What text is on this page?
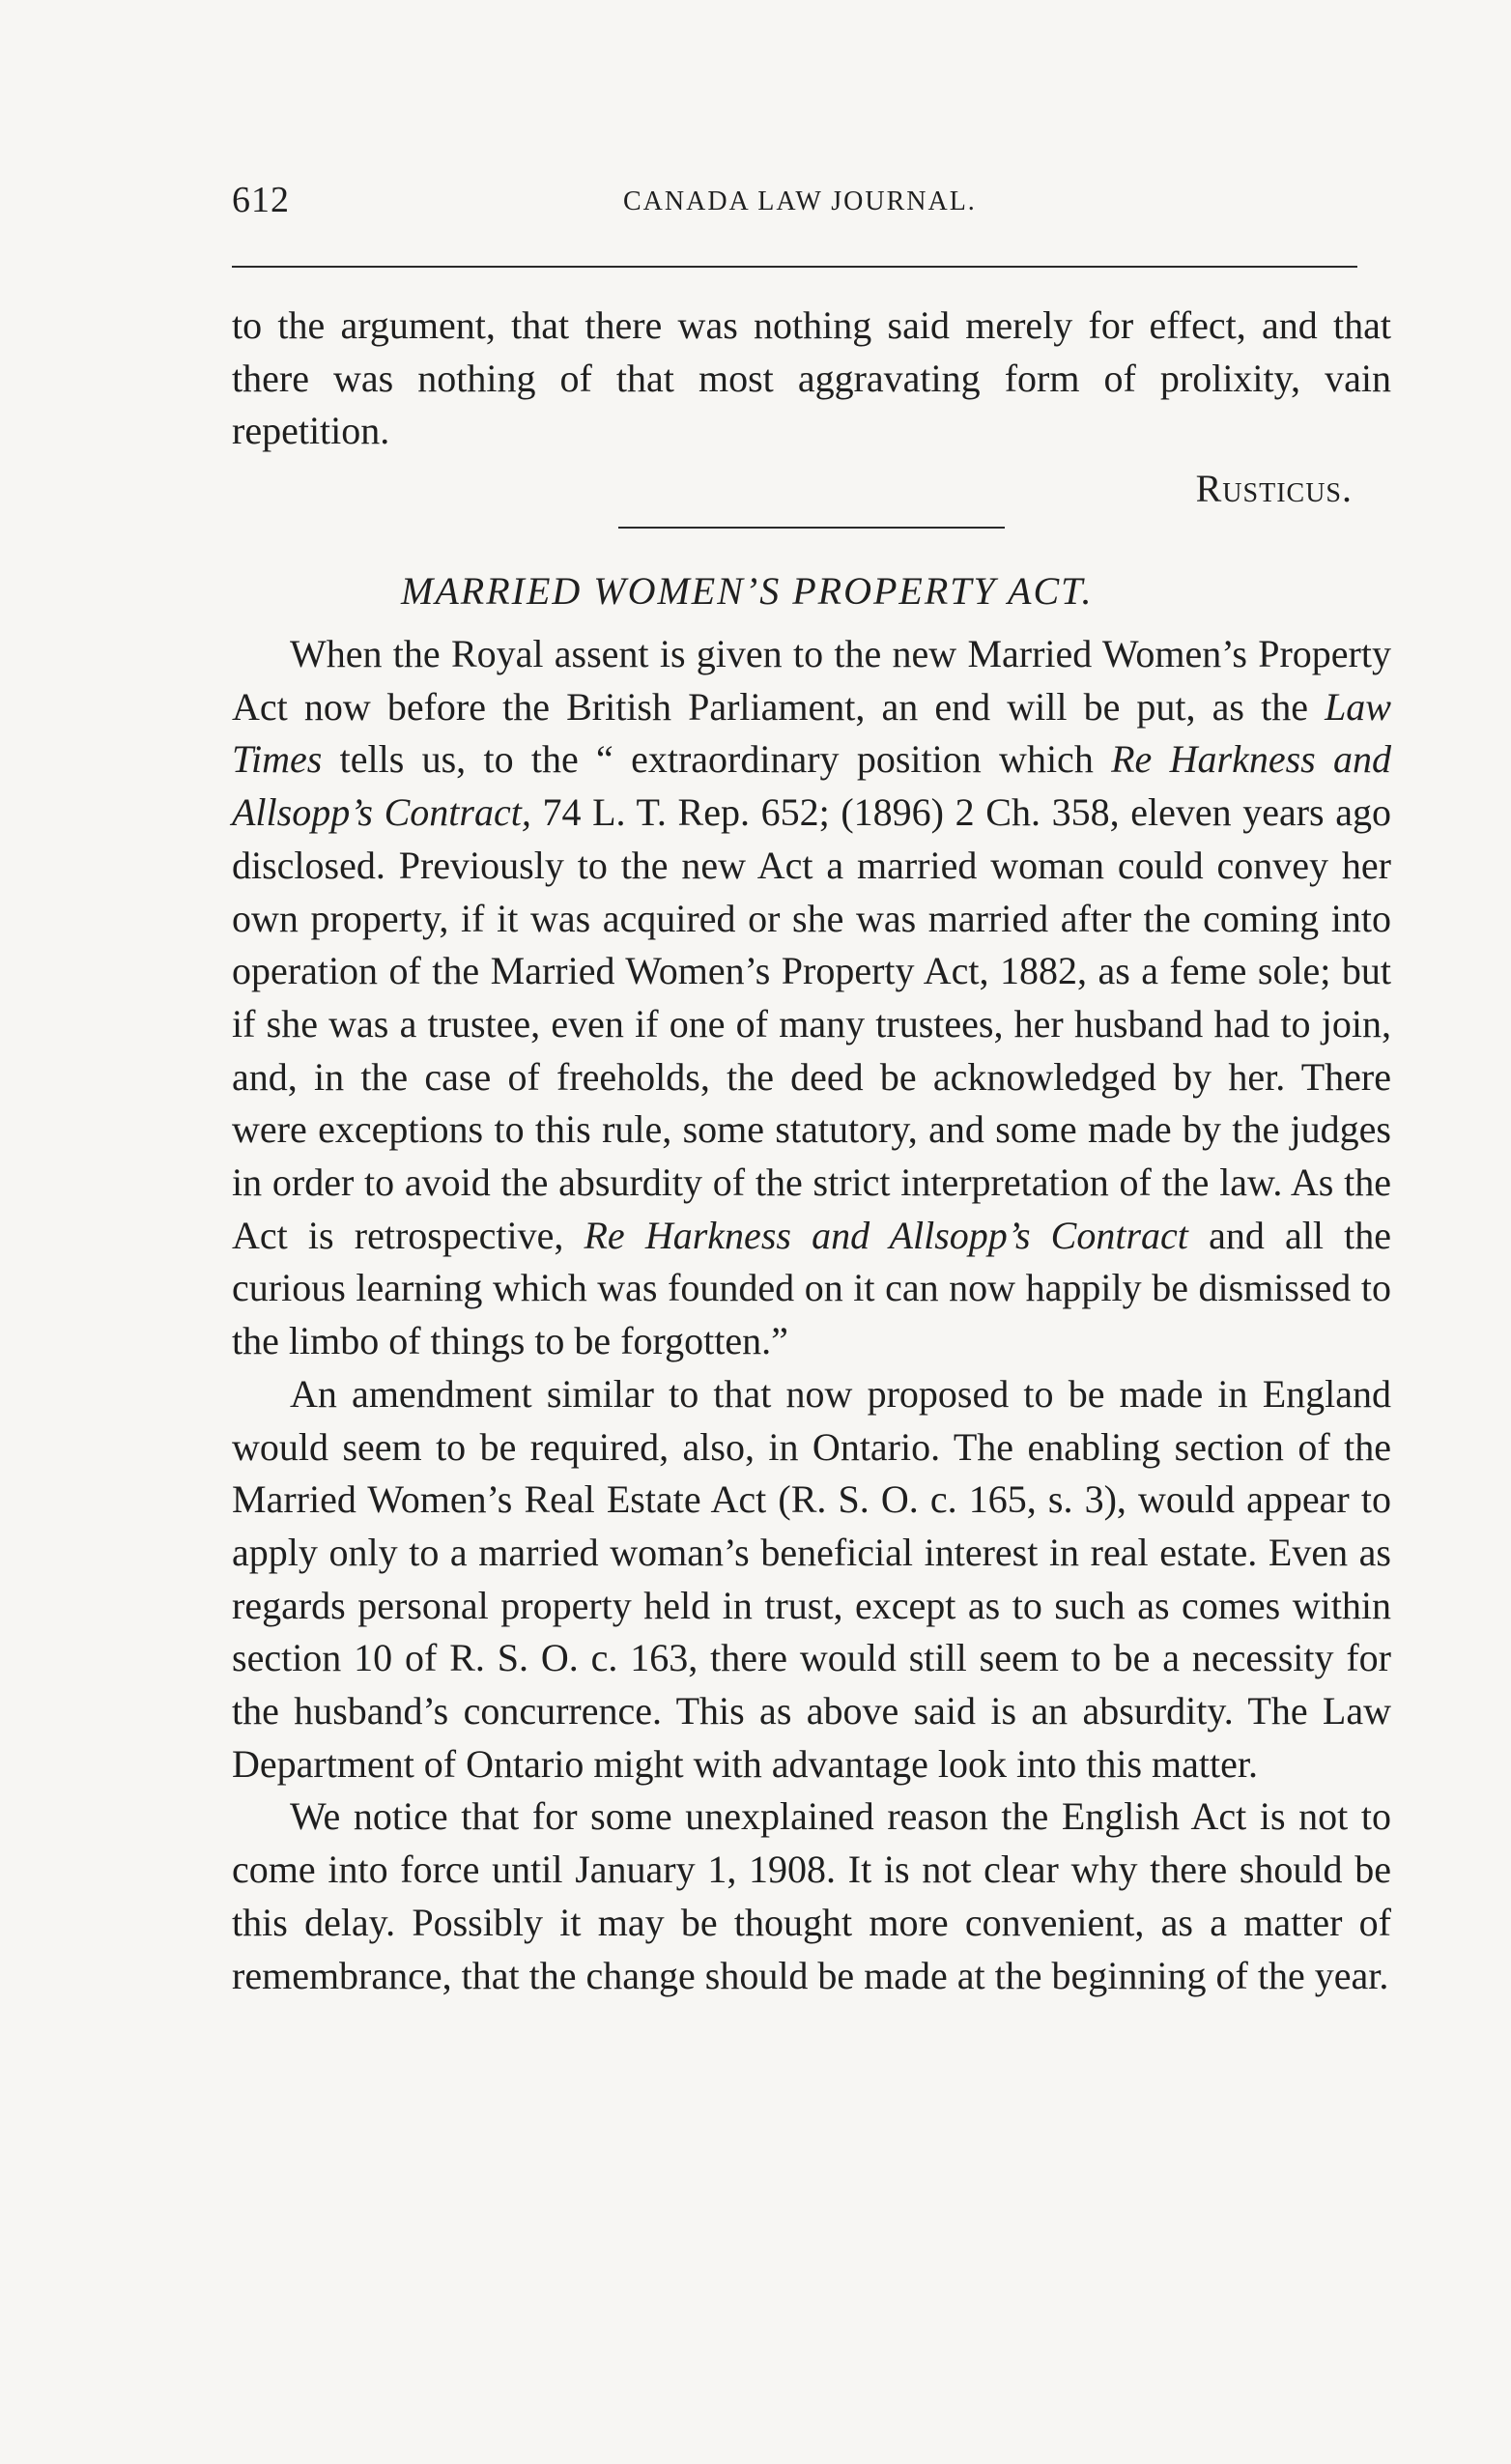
612	CANADA LAW JOURNAL.

to the argument, that there was nothing said merely for effect, and that there was nothing of that most aggravating form of prolixity, vain repetition.

Rusticus.
MARRIED WOMEN’S PROPERTY ACT.

When the Royal assent is given to the new Married Women’s Property Act now before the British Parliament, an end will be put, as the Law Times tells us, to the “ extraordinary position which Re Harkness and Allsopp’s Contract, 74 L. T. Rep. 652; (1896) 2 Ch. 358, eleven years ago disclosed. Previously to the new Act a married woman could convey her own property, if it was acquired or she was married after the coming into operation of the Married Women’s Property Act, 1882, as a feme sole; but if she was a trustee, even if one of many trustees, her husband had to join, and, in the case of freeholds, the deed be acknowledged by her. There were exceptions to this rule, some statutory, and some made by the judges in order to avoid the absurdity of the strict interpretation of the law. As the Act is retrospective, Re Harkness and Allsopp’s Contract and all the curious learning which was founded on it can now happily be dismissed to the limbo of things to be forgotten.”

An amendment similar to that now proposed to be made in England would seem to be required, also, in Ontario. The enabling section of the Married Women’s Real Estate Act (R. S. O. c. 165, s. 3), would appear to apply only to a married woman’s beneficial interest in real estate. Even as regards personal property held in trust, except as to such as comes within section 10 of R. S. O. c. 163, there would still seem to be a necessity for the husband’s concurrence. This as above said is an absurdity. The Law Department of Ontario might with advantage look into this matter.

We notice that for some unexplained reason the English Act is not to come into force until January 1, 1908. It is not clear why there should be this delay. Possibly it may be thought more convenient, as a matter of remembrance, that the change should be made at the beginning of the year.
